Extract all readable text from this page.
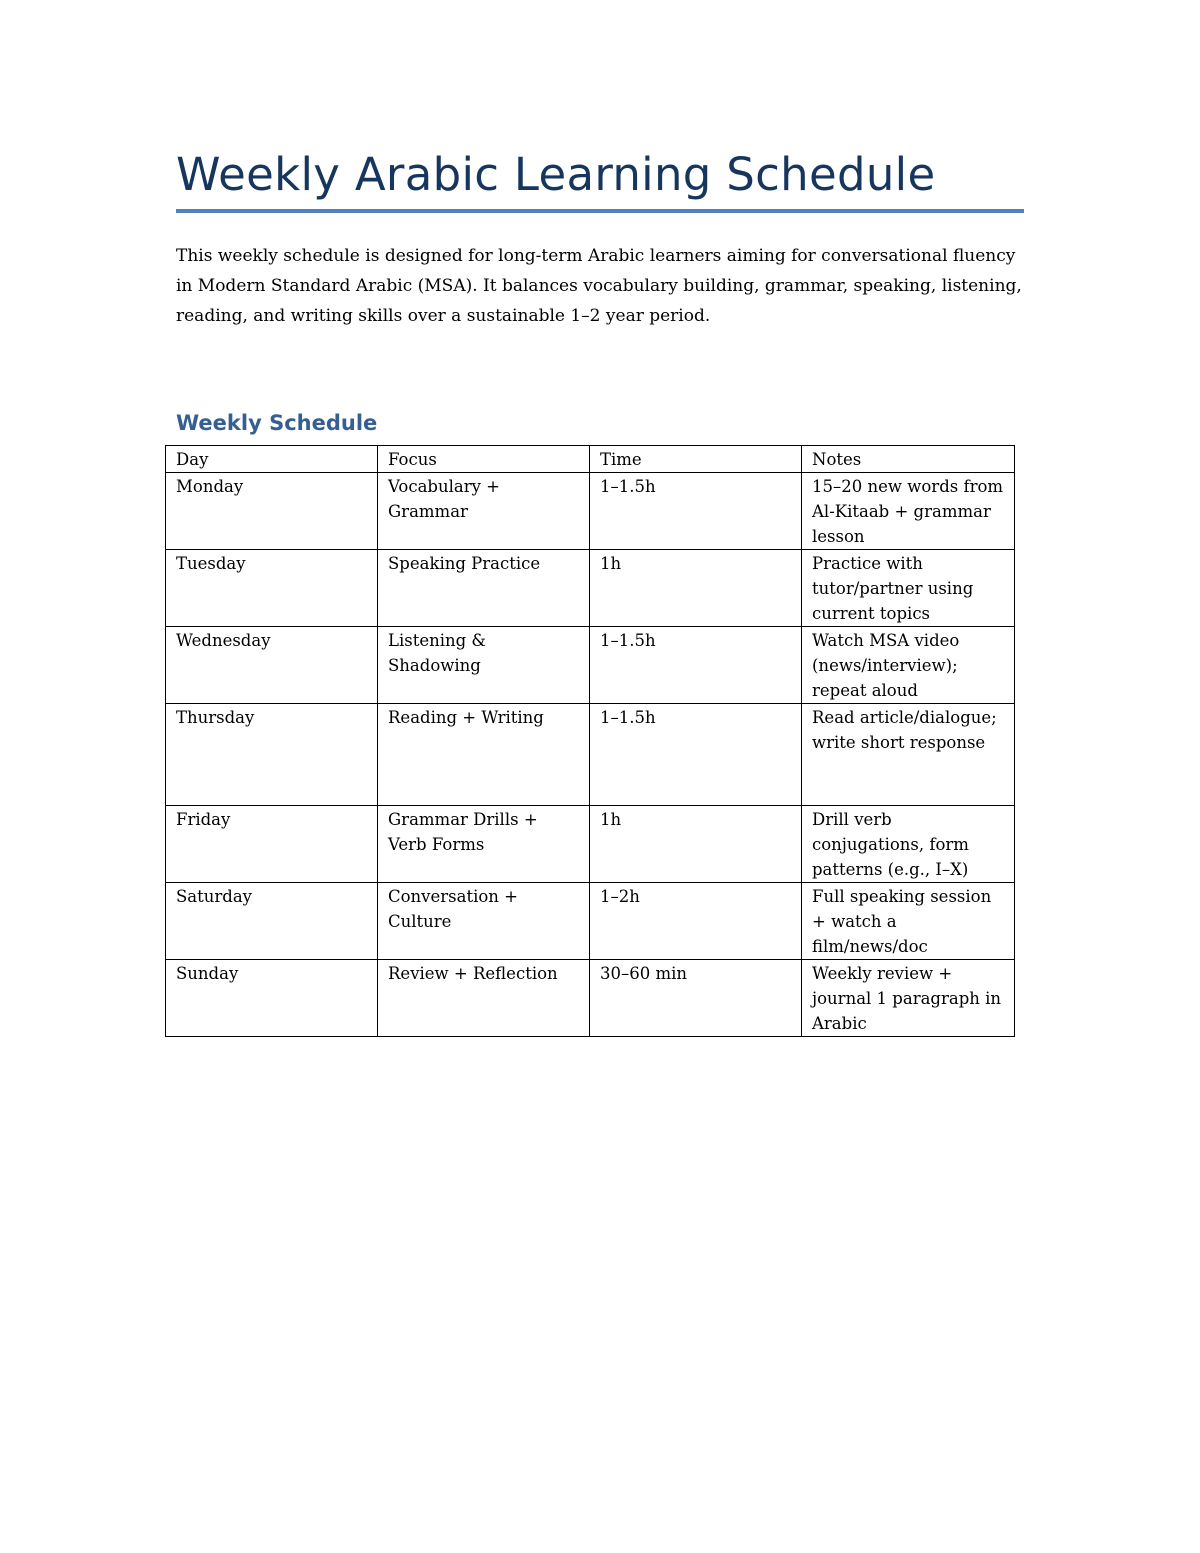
Weekly Arabic Learning Schedule

This weekly schedule is designed for long-term Arabic learners aiming for conversational fluency in Modern Standard Arabic (MSA). It balances vocabulary building, grammar, speaking, listening, reading, and writing skills over a sustainable 1–2 year period.

Weekly Schedule
Day	Focus	Time	Notes
Monday	Vocabulary + Grammar	1–1.5h	15–20 new words from Al-Kitaab + grammar lesson
Tuesday	Speaking Practice	1h	Practice with tutor/partner using current topics
Wednesday	Listening & Shadowing	1–1.5h	Watch MSA video (news/interview); repeat aloud
Thursday	Reading + Writing	1–1.5h	Read article/dialogue; write short response
Friday	Grammar Drills + Verb Forms	1h	Drill verb conjugations, form patterns (e.g., I–X)
Saturday	Conversation + Culture	1–2h	Full speaking session + watch a film/news/doc
Sunday	Review + Reflection	30–60 min	Weekly review + journal 1 paragraph in Arabic
